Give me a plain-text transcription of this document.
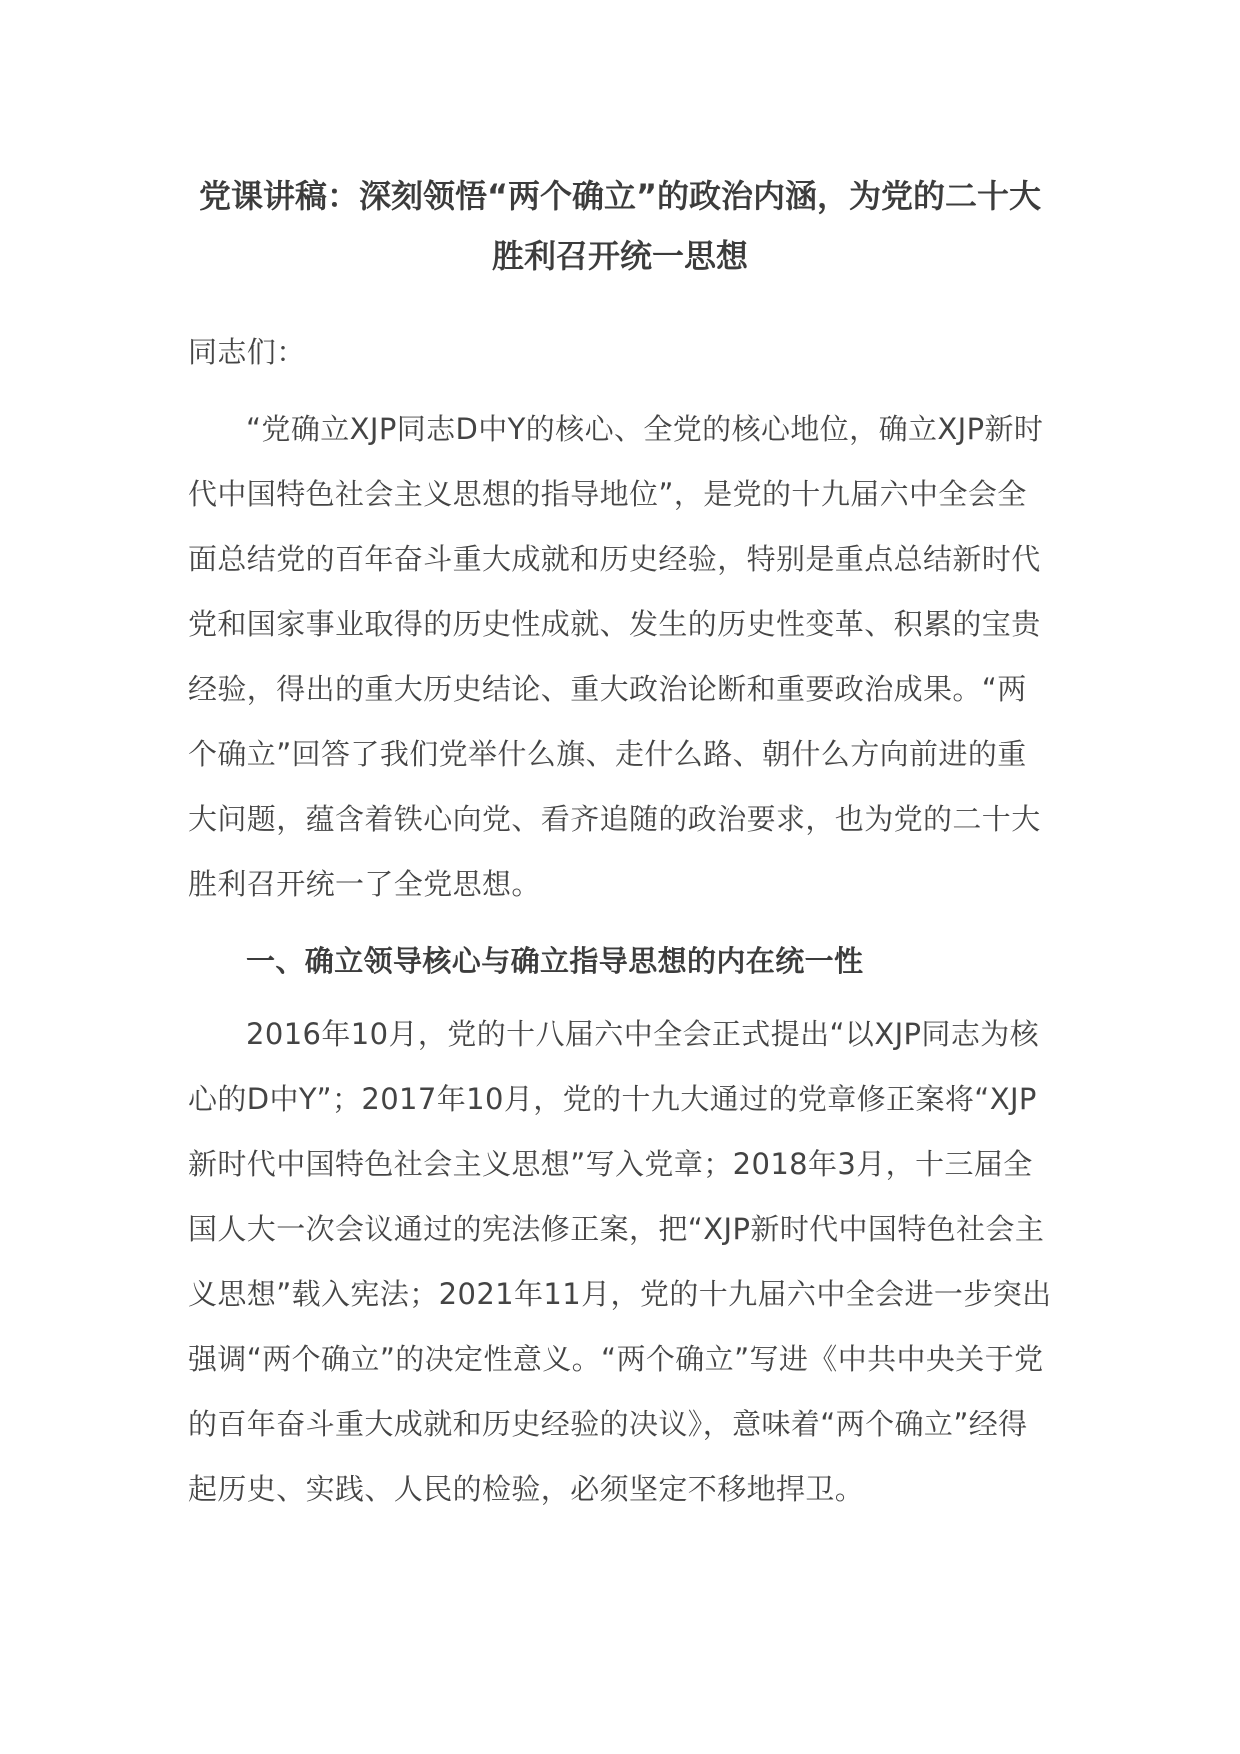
党课讲稿：深刻领悟“两个确立”的政治内涵，为党的二十大胜利召开统一思想

同志们：

“党确立XJP同志D中Y的核心、全党的核心地位，确立XJP新时代中国特色社会主义思想的指导地位”，是党的十九届六中全会全面总结党的百年奋斗重大成就和历史经验，特别是重点总结新时代党和国家事业取得的历史性成就、发生的历史性变革、积累的宝贵经验，得出的重大历史结论、重大政治论断和重要政治成果。“两个确立”回答了我们党举什么旗、走什么路、朝什么方向前进的重大问题，蕴含着铁心向党、看齐追随的政治要求，也为党的二十大胜利召开统一了全党思想。

一、确立领导核心与确立指导思想的内在统一性

2016年10月，党的十八届六中全会正式提出“以XJP同志为核心的D中Y”；2017年10月，党的十九大通过的党章修正案将“XJP新时代中国特色社会主义思想”写入党章；2018年3月，十三届全国人大一次会议通过的宪法修正案，把“XJP新时代中国特色社会主义思想”载入宪法；2021年11月，党的十九届六中全会进一步突出强调“两个确立”的决定性意义。“两个确立”写进《中共中央关于党的百年奋斗重大成就和历史经验的决议》，意味着“两个确立”经得起历史、实践、人民的检验，必须坚定不移地捍卫。
